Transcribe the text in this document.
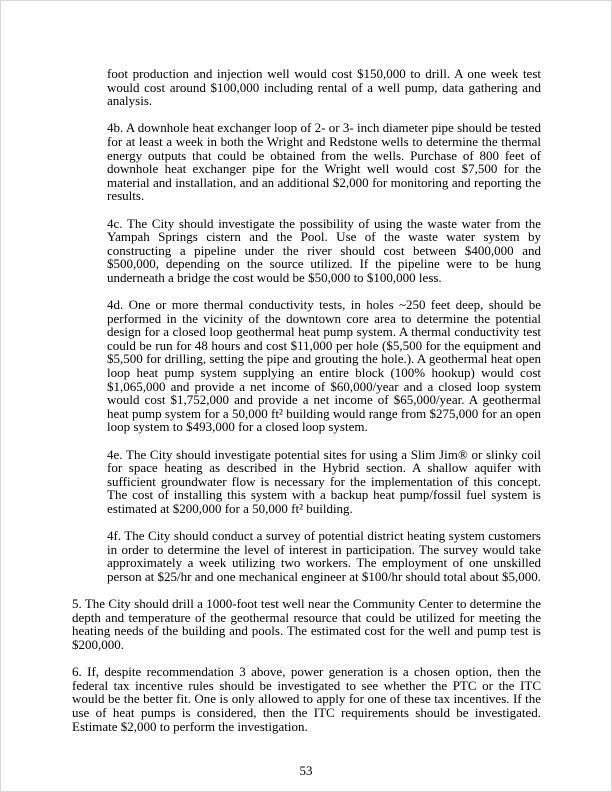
foot production and injection well would cost $150,000 to drill. A one week test would cost around $100,000 including rental of a well pump, data gathering and analysis.

4b. A downhole heat exchanger loop of 2- or 3- inch diameter pipe should be tested for at least a week in both the Wright and Redstone wells to determine the thermal energy outputs that could be obtained from the wells. Purchase of 800 feet of downhole heat exchanger pipe for the Wright well would cost $7,500 for the material and installation, and an additional $2,000 for monitoring and reporting the results.

4c. The City should investigate the possibility of using the waste water from the Yampah Springs cistern and the Pool. Use of the waste water system by constructing a pipeline under the river should cost between $400,000 and $500,000, depending on the source utilized. If the pipeline were to be hung underneath a bridge the cost would be $50,000 to $100,000 less.

4d. One or more thermal conductivity tests, in holes ~250 feet deep, should be performed in the vicinity of the downtown core area to determine the potential design for a closed loop geothermal heat pump system. A thermal conductivity test could be run for 48 hours and cost $11,000 per hole ($5,500 for the equipment and $5,500 for drilling, setting the pipe and grouting the hole.). A geothermal heat open loop heat pump system supplying an entire block (100% hookup) would cost $1,065,000 and provide a net income of $60,000/year and a closed loop system would cost $1,752,000 and provide a net income of $65,000/year. A geothermal heat pump system for a 50,000 ft² building would range from $275,000 for an open loop system to $493,000 for a closed loop system.

4e. The City should investigate potential sites for using a Slim Jim® or slinky coil for space heating as described in the Hybrid section. A shallow aquifer with sufficient groundwater flow is necessary for the implementation of this concept. The cost of installing this system with a backup heat pump/fossil fuel system is estimated at $200,000 for a 50,000 ft² building.

4f. The City should conduct a survey of potential district heating system customers in order to determine the level of interest in participation. The survey would take approximately a week utilizing two workers. The employment of one unskilled person at $25/hr and one mechanical engineer at $100/hr should total about $5,000.

5. The City should drill a 1000-foot test well near the Community Center to determine the depth and temperature of the geothermal resource that could be utilized for meeting the heating needs of the building and pools. The estimated cost for the well and pump test is $200,000.

6. If, despite recommendation 3 above, power generation is a chosen option, then the federal tax incentive rules should be investigated to see whether the PTC or the ITC would be the better fit. One is only allowed to apply for one of these tax incentives. If the use of heat pumps is considered, then the ITC requirements should be investigated. Estimate $2,000 to perform the investigation.

53
